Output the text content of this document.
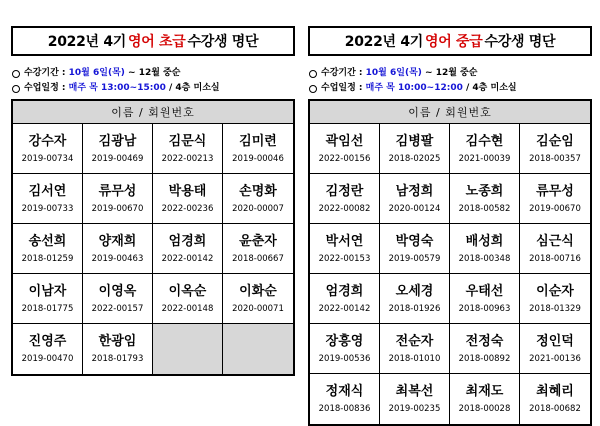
2022년 4기 영어 초급 수강생 명단
수강기간 :
10월 6일(목)
~ 12월 중순
수업일정 :
매주 목 13:00~15:00
/ 4층 미소실
이름 / 회원번호
강수자
2019-00734
김광남
2019-00469
김문식
2022-00213
김미련
2019-00046
김서연
2019-00733
류무성
2019-00670
박용태
2022-00236
손명화
2020-00007
송선희
2018-01259
양재희
2019-00463
엄경희
2022-00142
윤춘자
2018-00667
이남자
2018-01775
이영옥
2022-00157
이옥순
2022-00148
이화순
2020-00071
진영주
2019-00470
한광임
2018-01793
2022년 4기 영어 중급 수강생 명단
수강기간 :
10월 6일(목)
~ 12월 중순
수업일정 :
매주 목 10:00~12:00
/ 4층 미소실
이름 / 회원번호
곽임선
2022-00156
김병팔
2018-02025
김수현
2021-00039
김순임
2018-00357
김정란
2022-00082
남정희
2020-00124
노종희
2018-00582
류무성
2019-00670
박서연
2022-00153
박영숙
2019-00579
배성희
2018-00348
심근식
2018-00716
엄경희
2022-00142
오세경
2018-01926
우태선
2018-00963
이순자
2018-01329
장흥영
2019-00536
전순자
2018-01010
전정숙
2018-00892
정인덕
2021-00136
정재식
2018-00836
최복선
2019-00235
최재도
2018-00028
최혜리
2018-00682
